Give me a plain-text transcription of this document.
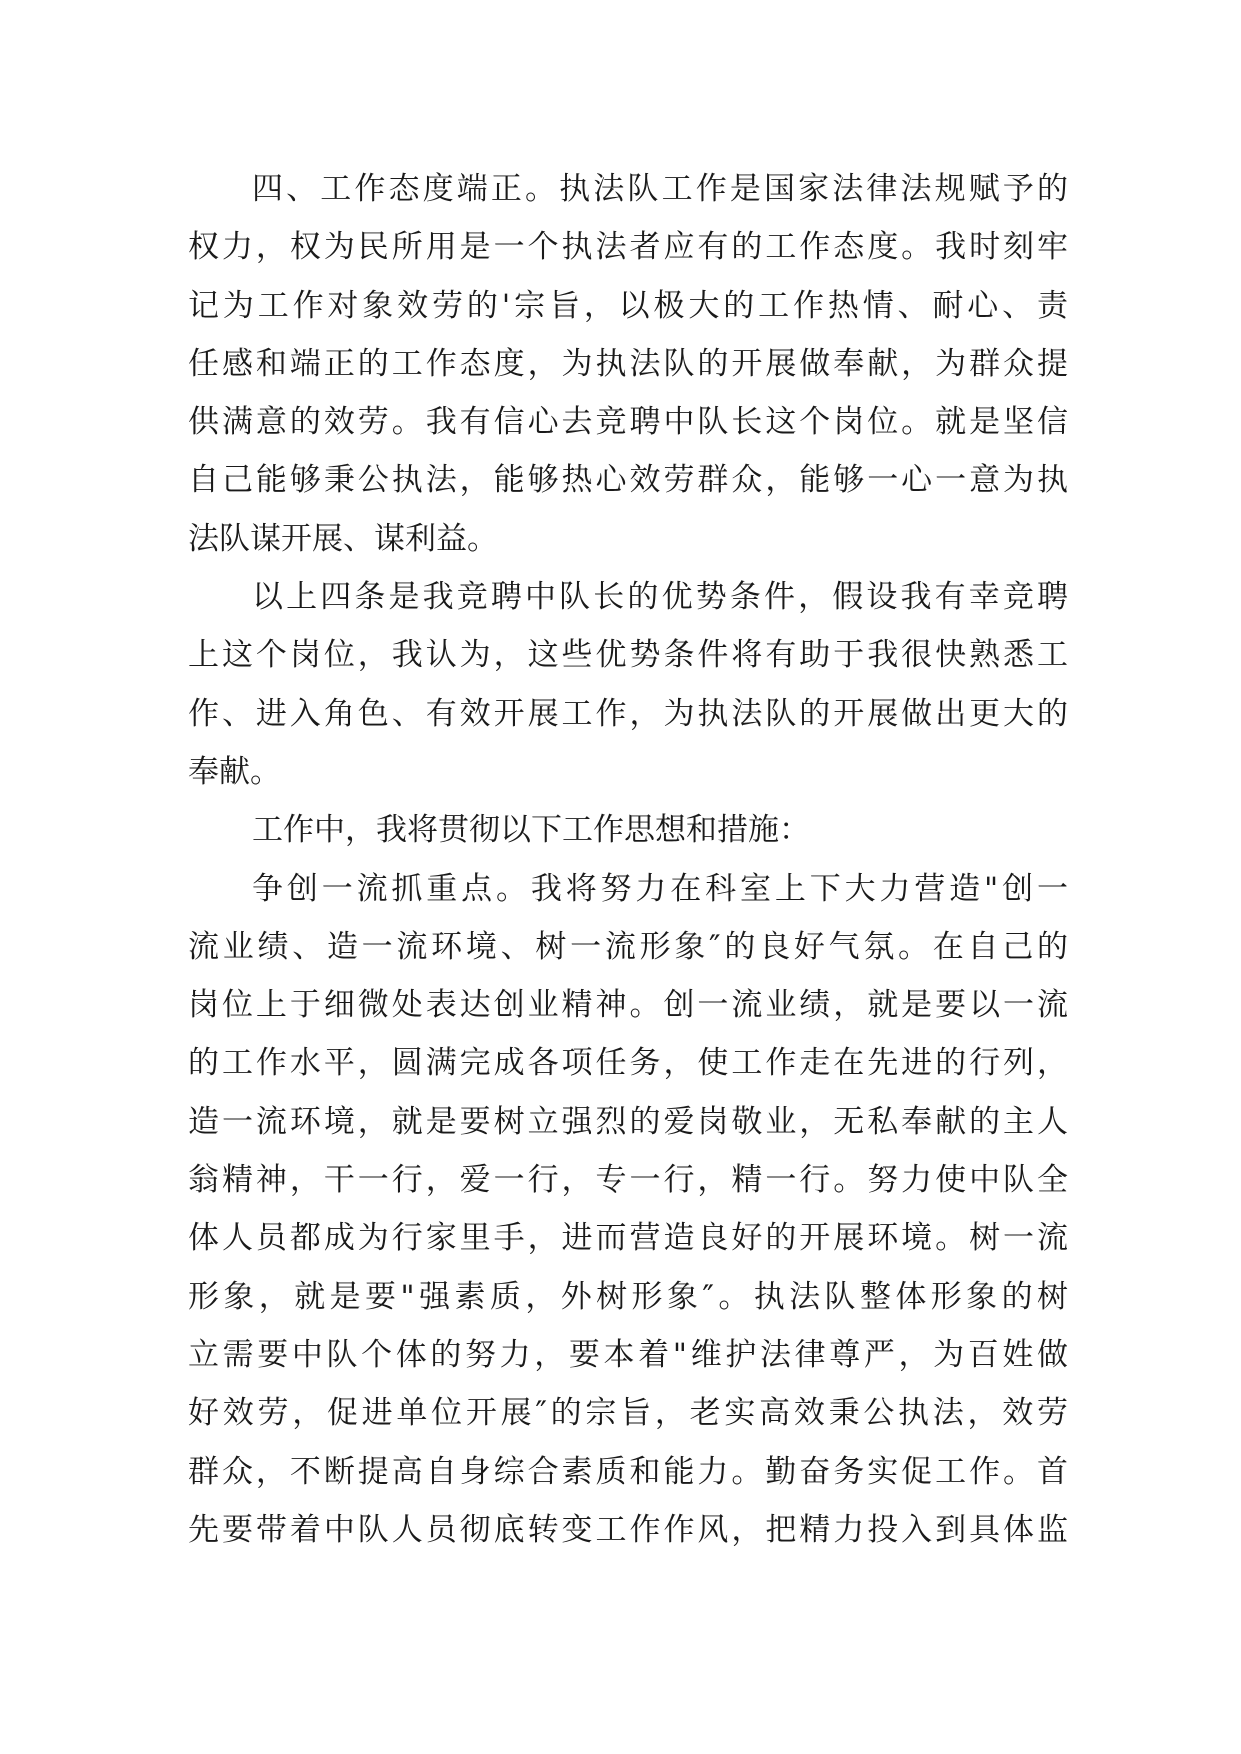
四、工作态度端正。执法队工作是国家法律法规赋予的
权力，权为民所用是一个执法者应有的工作态度。我时刻牢
记为工作对象效劳的'宗旨，以极大的工作热情、耐心、责
任感和端正的工作态度，为执法队的开展做奉献，为群众提
供满意的效劳。我有信心去竞聘中队长这个岗位。就是坚信
自己能够秉公执法，能够热心效劳群众，能够一心一意为执
法队谋开展、谋利益。
以上四条是我竞聘中队长的优势条件，假设我有幸竞聘
上这个岗位，我认为，这些优势条件将有助于我很快熟悉工
作、进入角色、有效开展工作，为执法队的开展做出更大的
奉献。
工作中，我将贯彻以下工作思想和措施：
争创一流抓重点。我将努力在科室上下大力营造"创一
流业绩、造一流环境、树一流形象″的良好气氛。在自己的
岗位上于细微处表达创业精神。创一流业绩，就是要以一流
的工作水平，圆满完成各项任务，使工作走在先进的行列，
造一流环境，就是要树立强烈的爱岗敬业，无私奉献的主人
翁精神，干一行，爱一行，专一行，精一行。努力使中队全
体人员都成为行家里手，进而营造良好的开展环境。树一流
形象，就是要"强素质，外树形象″。执法队整体形象的树
立需要中队个体的努力，要本着"维护法律尊严，为百姓做
好效劳，促进单位开展″的宗旨，老实高效秉公执法，效劳
群众，不断提高自身综合素质和能力。勤奋务实促工作。首
先要带着中队人员彻底转变工作作风，把精力投入到具体监
